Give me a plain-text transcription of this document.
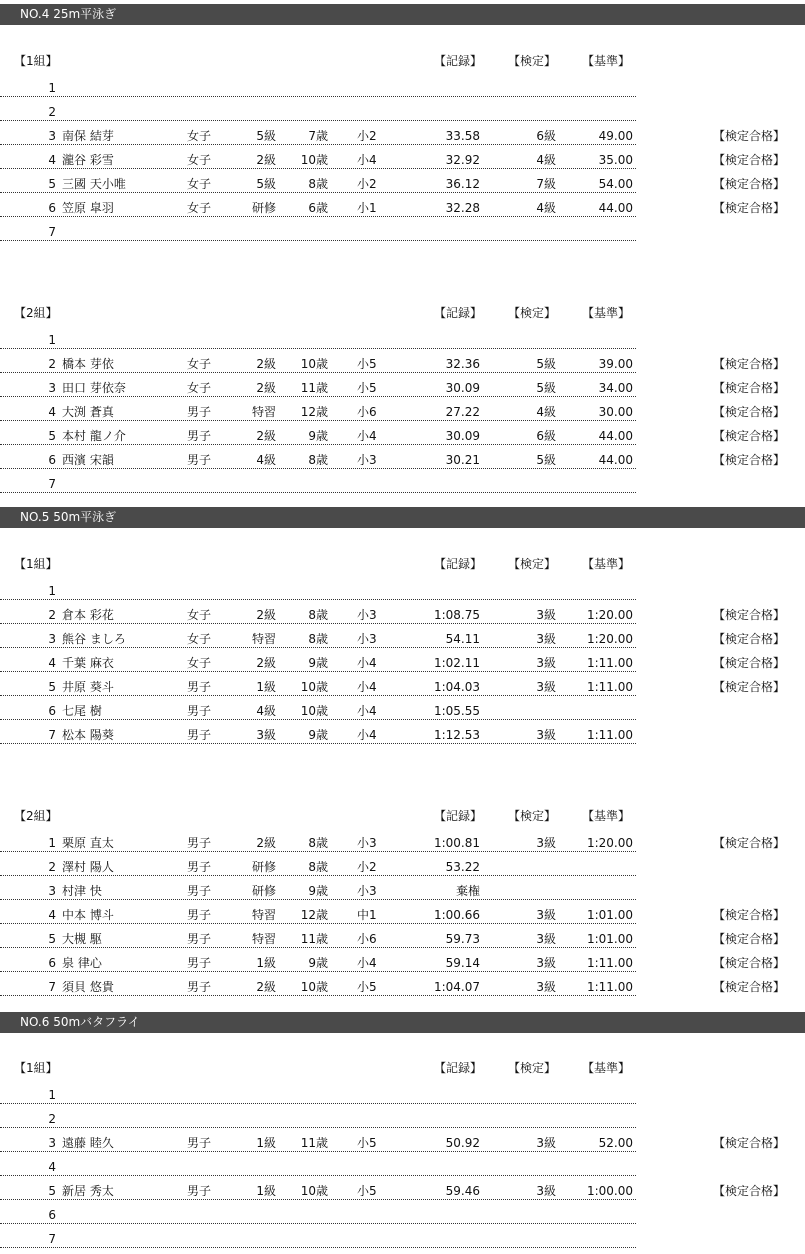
NO.4 25m平泳ぎ
【1組】	【記録】 【検定】 【基準】
1
2
3 南保 結芽	女子	5級	7歳 小2	33.58	6級	49.00	【検定合格】
4 瀧谷 彩雪	女子	2級	10歳 小4	32.92	4級	35.00	【検定合格】
5 三國 天小唯	女子	5級	8歳 小2	36.12	7級	54.00	【検定合格】
6 笠原 皐羽	女子	研修	6歳 小1	32.28	4級	44.00	【検定合格】
7
【2組】	【記録】 【検定】 【基準】
1
2 橋本 芽依	女子	2級	10歳 小5	32.36	5級	39.00	【検定合格】
3 田口 芽依奈	女子	2級	11歳 小5	30.09	5級	34.00	【検定合格】
4 大渕 蒼真	男子	特習	12歳 小6	27.22	4級	30.00	【検定合格】
5 本村 龍ノ介	男子	2級	9歳 小4	30.09	6級	44.00	【検定合格】
6 西濱 宋韻	男子	4級	8歳 小3	30.21	5級	44.00	【検定合格】
7
NO.5 50m平泳ぎ
【1組】	【記録】 【検定】 【基準】
1
2 倉本 彩花	女子	2級	8歳 小3	1:08.75	3級	1:20.00	【検定合格】
3 熊谷 ましろ	女子	特習	8歳 小3	54.11	3級	1:20.00	【検定合格】
4 千葉 麻衣	女子	2級	9歳 小4	1:02.11	3級	1:11.00	【検定合格】
5 井原 葵斗	男子	1級	10歳 小4	1:04.03	3級	1:11.00	【検定合格】
6 七尾 樹	男子	4級	10歳 小4	1:05.55
7 松本 陽葵	男子	3級	9歳 小4	1:12.53	3級	1:11.00
【2組】	【記録】 【検定】 【基準】
1 栗原 直太	男子	2級	8歳 小3	1:00.81	3級	1:20.00	【検定合格】
2 澤村 陽人	男子	研修	8歳 小2	53.22
3 村津 快	男子	研修	9歳 小3	棄権
4 中本 博斗	男子	特習	12歳 中1	1:00.66	3級	1:01.00	【検定合格】
5 大槻 駆	男子	特習	11歳 小6	59.73	3級	1:01.00	【検定合格】
6 泉 律心	男子	1級	9歳 小4	59.14	3級	1:11.00	【検定合格】
7 須貝 悠貴	男子	2級	10歳 小5	1:04.07	3級	1:11.00	【検定合格】
NO.6 50mバタフライ
【1組】	【記録】 【検定】 【基準】
1
2
3 遠藤 睦久	男子	1級	11歳 小5	50.92	3級	52.00	【検定合格】
4
5 新居 秀太	男子	1級	10歳 小5	59.46	3級	1:00.00	【検定合格】
6
7
